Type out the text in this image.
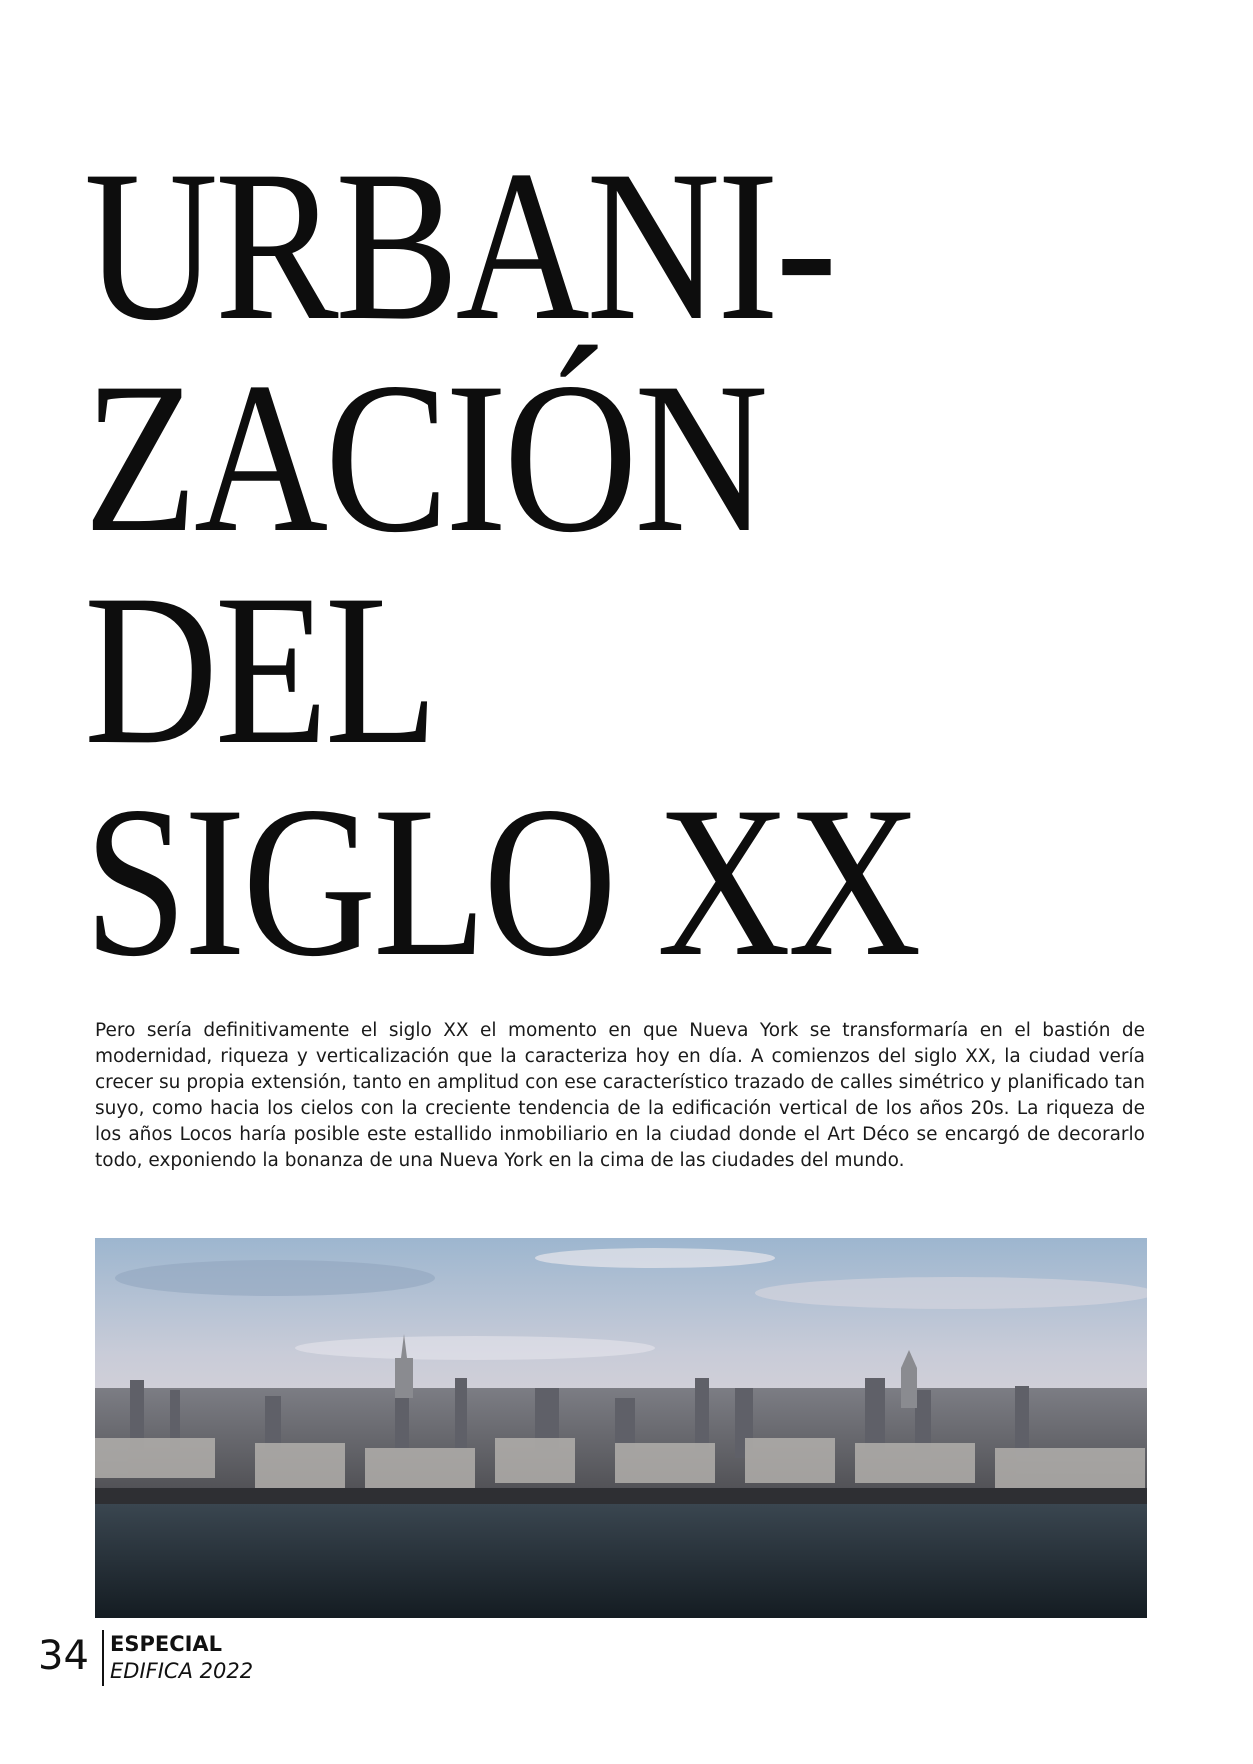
URBANI-
ZACIÓN
DEL
SIGLO XX

Pero sería definitivamente el siglo XX el momento en que Nueva York se transformaría en el bastión de modernidad, riqueza y verticalización que la caracteriza hoy en día. A comienzos del siglo XX, la ciudad vería crecer su propia extensión, tanto en amplitud con ese característico trazado de calles simétrico y planificado tan suyo, como hacia los cielos con la creciente tendencia de la edificación vertical de los años 20s. La riqueza de los años Locos haría posible este estallido inmobiliario en la ciudad donde el Art Déco se encargó de decorarlo todo, exponiendo la bonanza de una Nueva York en la cima de las ciudades del mundo.

34 ESPECIAL
EDIFICA 2022
